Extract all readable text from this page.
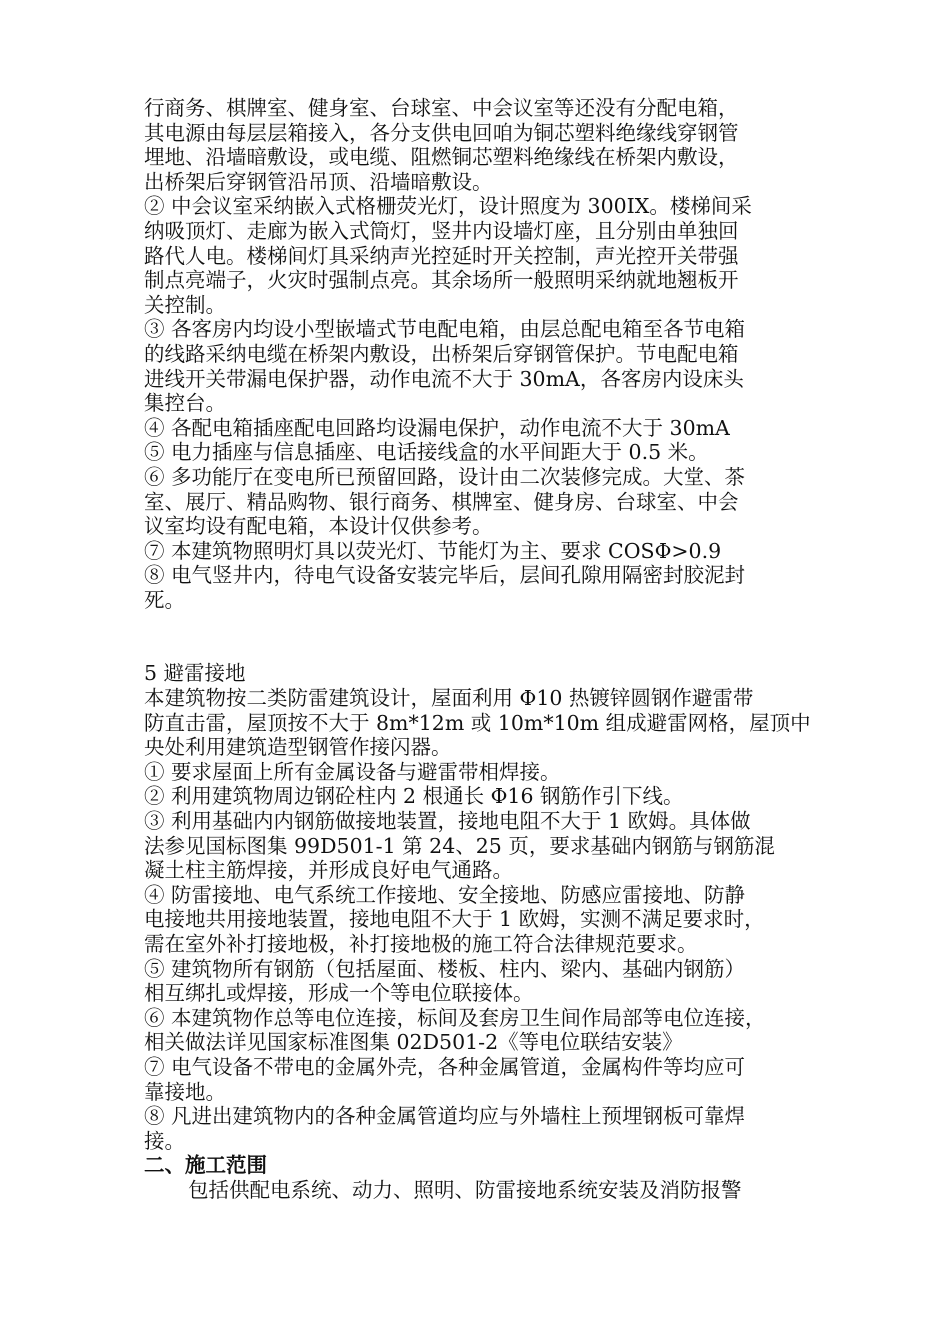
行商务、棋牌室、健身室、台球室、中会议室等还没有分配电箱，

其电源由每层层箱接入，各分支供电回咱为铜芯塑料绝缘线穿钢管

埋地、沿墙暗敷设，或电缆、阻燃铜芯塑料绝缘线在桥架内敷设，

出桥架后穿钢管沿吊顶、沿墙暗敷设。

② 中会议室采纳嵌入式格栅荧光灯，设计照度为 300IX。楼梯间采

纳吸顶灯、走廊为嵌入式筒灯，竖井内设墙灯座，且分别由单独回

路代人电。楼梯间灯具采纳声光控延时开关控制，声光控开关带强

制点亮端子，火灾时强制点亮。其余场所一般照明采纳就地翘板开

关控制。

③ 各客房内均设小型嵌墙式节电配电箱，由层总配电箱至各节电箱

的线路采纳电缆在桥架内敷设，出桥架后穿钢管保护。节电配电箱

进线开关带漏电保护器，动作电流不大于 30mA，各客房内设床头

集控台。

④ 各配电箱插座配电回路均设漏电保护，动作电流不大于 30mA

⑤ 电力插座与信息插座、电话接线盒的水平间距大于 0.5 米。

⑥ 多功能厅在变电所已预留回路，设计由二次装修完成。大堂、茶

室、展厅、精品购物、银行商务、棋牌室、健身房、台球室、中会

议室均设有配电箱，本设计仅供参考。

⑦ 本建筑物照明灯具以荧光灯、节能灯为主、要求 COSΦ>0.9

⑧ 电气竖井内，待电气设备安装完毕后，层间孔隙用隔密封胶泥封

死。

5 避雷接地

本建筑物按二类防雷建筑设计，屋面利用 Φ10 热镀锌圆钢作避雷带

防直击雷，屋顶按不大于 8m*12m 或 10m*10m 组成避雷网格，屋顶中

央处利用建筑造型钢管作接闪器。

① 要求屋面上所有金属设备与避雷带相焊接。

② 利用建筑物周边钢砼柱内 2 根通长 Φ16 钢筋作引下线。

③ 利用基础内内钢筋做接地装置，接地电阻不大于 1 欧姆。具体做

法参见国标图集 99D501-1 第 24、25 页，要求基础内钢筋与钢筋混

凝土柱主筋焊接，并形成良好电气通路。

④ 防雷接地、电气系统工作接地、安全接地、防感应雷接地、防静

电接地共用接地装置，接地电阻不大于 1 欧姆，实测不满足要求时，

需在室外补打接地极，补打接地极的施工符合法律规范要求。

⑤ 建筑物所有钢筋（包括屋面、楼板、柱内、梁内、基础内钢筋）

相互绑扎或焊接，形成一个等电位联接体。

⑥ 本建筑物作总等电位连接，标间及套房卫生间作局部等电位连接，

相关做法详见国家标准图集 02D501-2《等电位联结安装》

⑦ 电气设备不带电的金属外壳，各种金属管道，金属构件等均应可

靠接地。

⑧ 凡进出建筑物内的各种金属管道均应与外墙柱上预埋钢板可靠焊

接。

二、施工范围

包括供配电系统、动力、照明、防雷接地系统安装及消防报警
